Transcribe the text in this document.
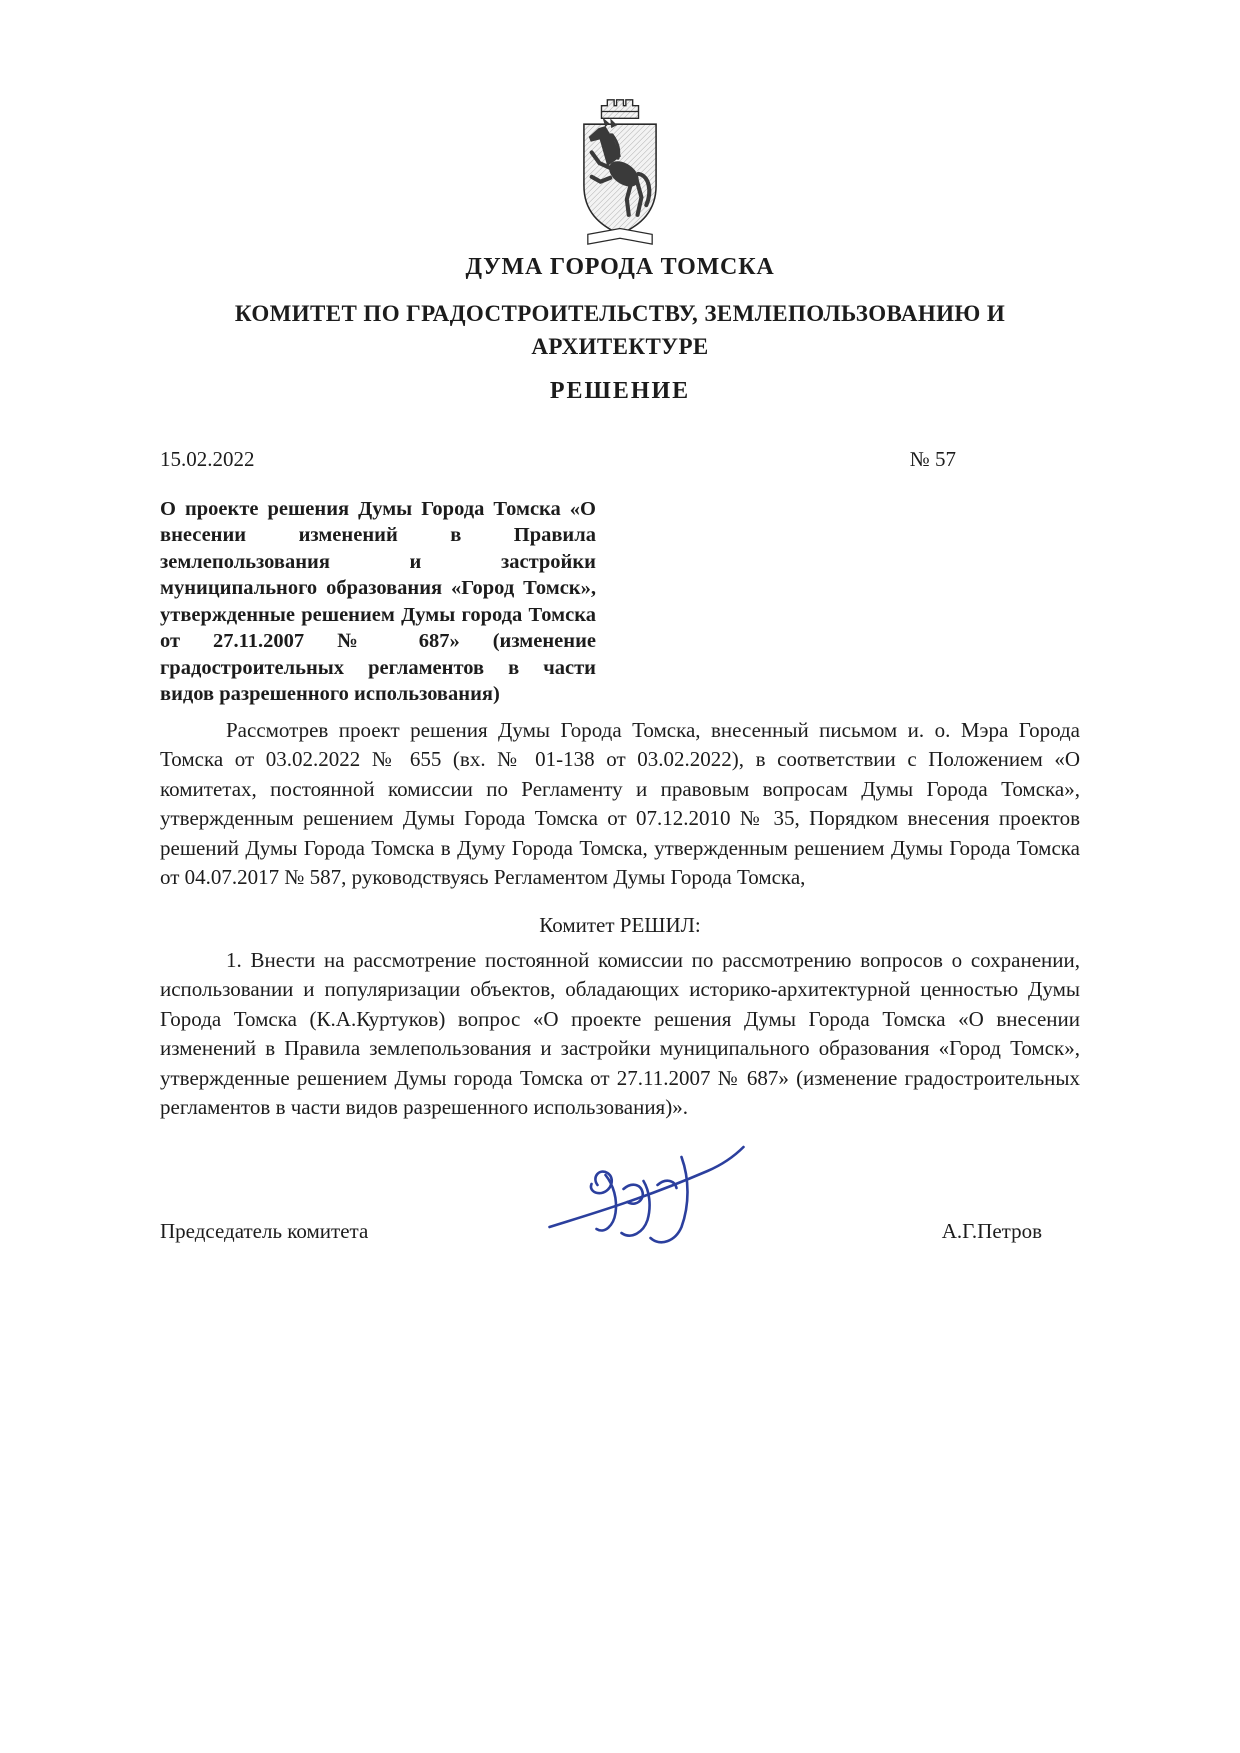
ДУМА ГОРОДА ТОМСКА
КОМИТЕТ ПО ГРАДОСТРОИТЕЛЬСТВУ, ЗЕМЛЕПОЛЬЗОВАНИЮ И АРХИТЕКТУРЕ
РЕШЕНИЕ
15.02.2022	№ 57

О проекте решения Думы Города Томска «О внесении изменений в Правила землепользования и застройки муниципального образования «Город Томск», утвержденные решением Думы города Томска от 27.11.2007 № 687» (изменение градостроительных регламентов в части видов разрешенного использования)

Рассмотрев проект решения Думы Города Томска, внесенный письмом и. о. Мэра Города Томска от 03.02.2022 № 655 (вх. № 01-138 от 03.02.2022), в соответствии с Положением «О комитетах, постоянной комиссии по Регламенту и правовым вопросам Думы Города Томска», утвержденным решением Думы Города Томска от 07.12.2010 № 35, Порядком внесения проектов решений Думы Города Томска в Думу Города Томска, утвержденным решением Думы Города Томска от 04.07.2017 № 587, руководствуясь Регламентом Думы Города Томска,

Комитет РЕШИЛ:

1. Внести на рассмотрение постоянной комиссии по рассмотрению вопросов о сохранении, использовании и популяризации объектов, обладающих историко-архитектурной ценностью Думы Города Томска (К.А.Куртуков) вопрос «О проекте решения Думы Города Томска «О внесении изменений в Правила землепользования и застройки муниципального образования «Город Томск», утвержденные решением Думы города Томска от 27.11.2007 № 687» (изменение градостроительных регламентов в части видов разрешенного использования)».

Председатель комитета	А.Г.Петров
